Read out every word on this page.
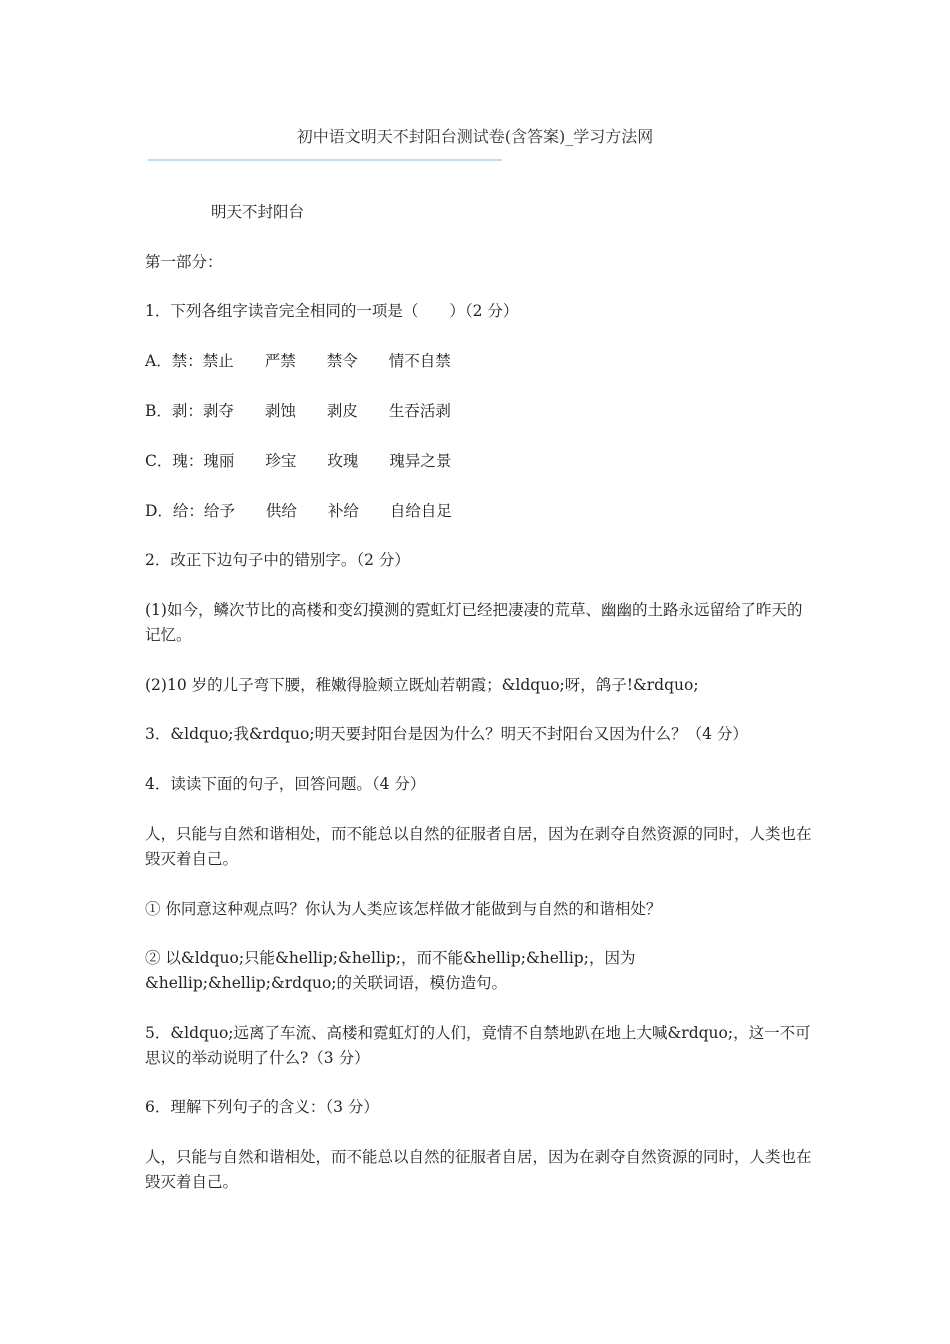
初中语文明天不封阳台测试卷(含答案)_学习方法网
——————————————————————————————————————————
明天不封阳台
第一部分：
1．下列各组字读音完全相同的一项是（　　）（2 分）
A．禁：禁止　　严禁　　禁令　　情不自禁
B．剥：剥夺　　剥蚀　　剥皮　　生吞活剥
C．瑰：瑰丽　　珍宝　　玫瑰　　瑰异之景
D．给：给予　　供给　　补给　　自给自足
2．改正下边句子中的错别字。（2 分）
(1)如今，鳞次节比的高楼和变幻摸测的霓虹灯已经把凄凄的荒草、幽幽的土路永远留给了昨天的记忆。
(2)10 岁的儿子弯下腰，稚嫩得脸颊立既灿若朝霞；&ldquo;呀，鸽子!&rdquo;
3．&ldquo;我&rdquo;明天要封阳台是因为什么？明天不封阳台又因为什么？（4 分）
4．读读下面的句子，回答问题。（4 分）
人，只能与自然和谐相处，而不能总以自然的征服者自居，因为在剥夺自然资源的同时，人类也在毁灭着自己。
① 你同意这种观点吗？你认为人类应该怎样做才能做到与自然的和谐相处？
② 以&ldquo;只能&hellip;&hellip;，而不能&hellip;&hellip;，因为&hellip;&hellip;&rdquo;的关联词语，模仿造句。
5．&ldquo;远离了车流、高楼和霓虹灯的人们，竟情不自禁地趴在地上大喊&rdquo;，这一不可思议的举动说明了什么?（3 分）
6．理解下列句子的含义：（3 分）
人，只能与自然和谐相处，而不能总以自然的征服者自居，因为在剥夺自然资源的同时，人类也在毁灭着自己。
